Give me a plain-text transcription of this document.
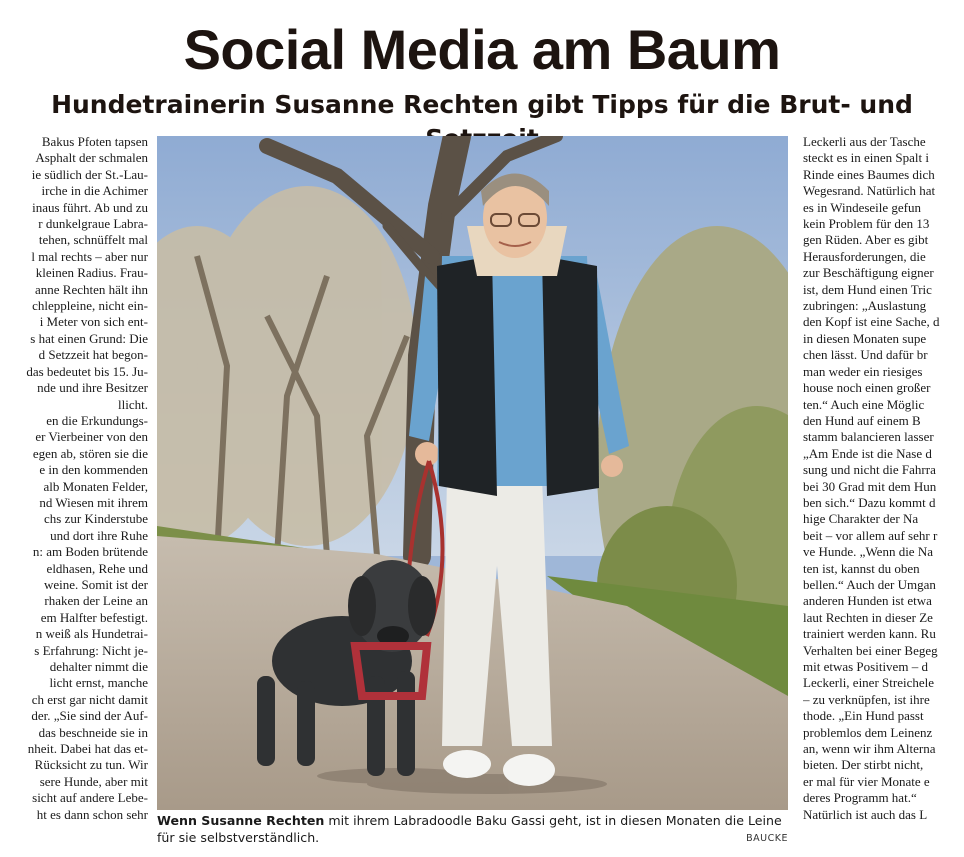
Social Media am Baum
Hundetrainerin Susanne Rechten gibt Tipps für die Brut- und

Bakus Pfoten tapsen

Asphalt der schmalen

ie südlich der St.-Lau-

irche in die Achimer

inaus führt. Ab und zu

r dunkelgraue Labra-

tehen, schnüffelt mal

l mal rechts – aber nur

kleinen Radius. Frau-

anne Rechten hält ihn

chleppleine, nicht ein-

i Meter von sich ent-

s hat einen Grund: Die

d Setzzeit hat begon-

das bedeutet bis 15. Ju-

nde und ihre Besitzer

llicht.

en die Erkundungs-

er Vierbeiner von den

egen ab, stören sie die

e in den kommenden

alb Monaten Felder,

nd Wiesen mit ihrem

chs zur Kinderstube

und dort ihre Ruhe

n: am Boden brütende

eldhasen, Rehe und

weine. Somit ist der

rhaken der Leine an

em Halfter befestigt.

n weiß als Hundetrai-

s Erfahrung: Nicht je-

dehalter nimmt die

licht ernst, manche

ch erst gar nicht damit

der. „Sie sind der Auf-

das beschneide sie in

nheit. Dabei hat das et-

Rücksicht zu tun. Wir

sere Hunde, aber mit

sicht auf andere Lebe-

ht es dann schon sehr Wenn Susanne Rechten mit ihrem Labradoodle Baku Gassi geht, ist in diesen Monaten die Leine für sie selbstverständlich.	BAUCKE

Leckerli aus der Tasche

steckt es in einen Spalt i

Rinde eines Baumes dich

Wegesrand. Natürlich hat

es in Windeseile gefun

kein Problem für den 13

gen Rüden. Aber es gibt

Herausforderungen, die

zur Beschäftigung eigner

ist, dem Hund einen Tric

zubringen: „Auslastung

den Kopf ist eine Sache, d

in diesen Monaten supe

chen lässt. Und dafür br

man weder ein riesiges

house noch einen großer

ten.“ Auch eine Möglic

den Hund auf einem B

stamm balancieren lasser

„Am Ende ist die Nase d

sung und nicht die Fahrra

bei 30 Grad mit dem Hun

ben sich.“ Dazu kommt d

hige Charakter der Na

beit – vor allem auf sehr r

ve Hunde. „Wenn die Na

ten ist, kannst du oben

bellen.“ Auch der Umgan

anderen Hunden ist etwa

laut Rechten in dieser Ze

trainiert werden kann. Ru

Verhalten bei einer Begeg

mit etwas Positivem – d

Leckerli, einer Streichele

– zu verknüpfen, ist ihre

thode. „Ein Hund passt

problemlos dem Leinenz

an, wenn wir ihm Alterna

bieten. Der stirbt nicht,

er mal für vier Monate e

deres Programm hat.“

Natürlich ist auch das L
